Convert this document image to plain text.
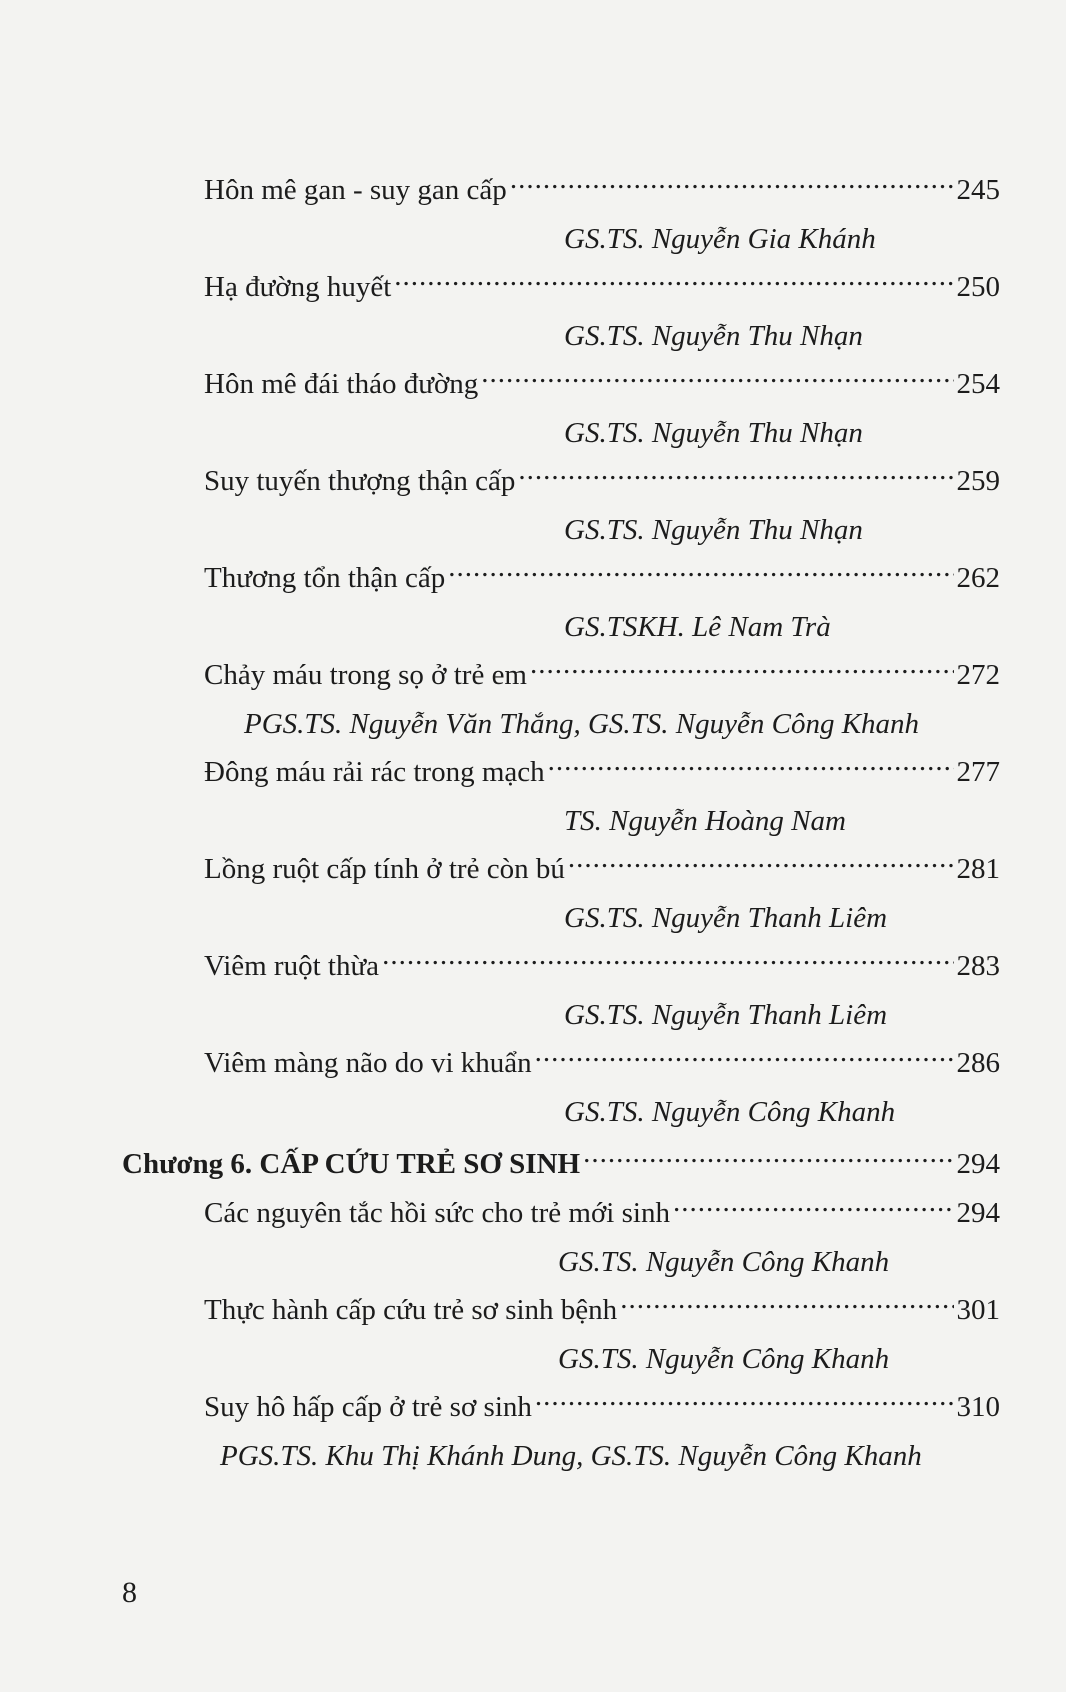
Hôn mê gan - suy gan cấp .....	245
GS.TS. Nguyễn Gia Khánh
Hạ đường huyết .....	250
GS.TS. Nguyễn Thu Nhạn
Hôn mê đái tháo đường .....	254
GS.TS. Nguyễn Thu Nhạn
Suy tuyến thượng thận cấp .....	259
GS.TS. Nguyễn Thu Nhạn
Thương tổn thận cấp .....	262
GS.TSKH. Lê Nam Trà
Chảy máu trong sọ ở trẻ em .....	272
PGS.TS. Nguyễn Văn Thắng, GS.TS. Nguyễn Công Khanh
Đông máu rải rác trong mạch .....	277
TS. Nguyễn Hoàng Nam
Lồng ruột cấp tính ở trẻ còn bú .....	281
GS.TS. Nguyễn Thanh Liêm
Viêm ruột thừa .....	283
GS.TS. Nguyễn Thanh Liêm
Viêm màng não do vi khuẩn .....	286
GS.TS. Nguyễn Công Khanh
Chương 6. CẤP CỨU TRẺ SƠ SINH .....	294
Các nguyên tắc hồi sức cho trẻ mới sinh .....	294
GS.TS. Nguyễn Công Khanh
Thực hành cấp cứu trẻ sơ sinh bệnh .....	301
GS.TS. Nguyễn Công Khanh
Suy hô hấp cấp ở trẻ sơ sinh .....	310
PGS.TS. Khu Thị Khánh Dung, GS.TS. Nguyễn Công Khanh
8
